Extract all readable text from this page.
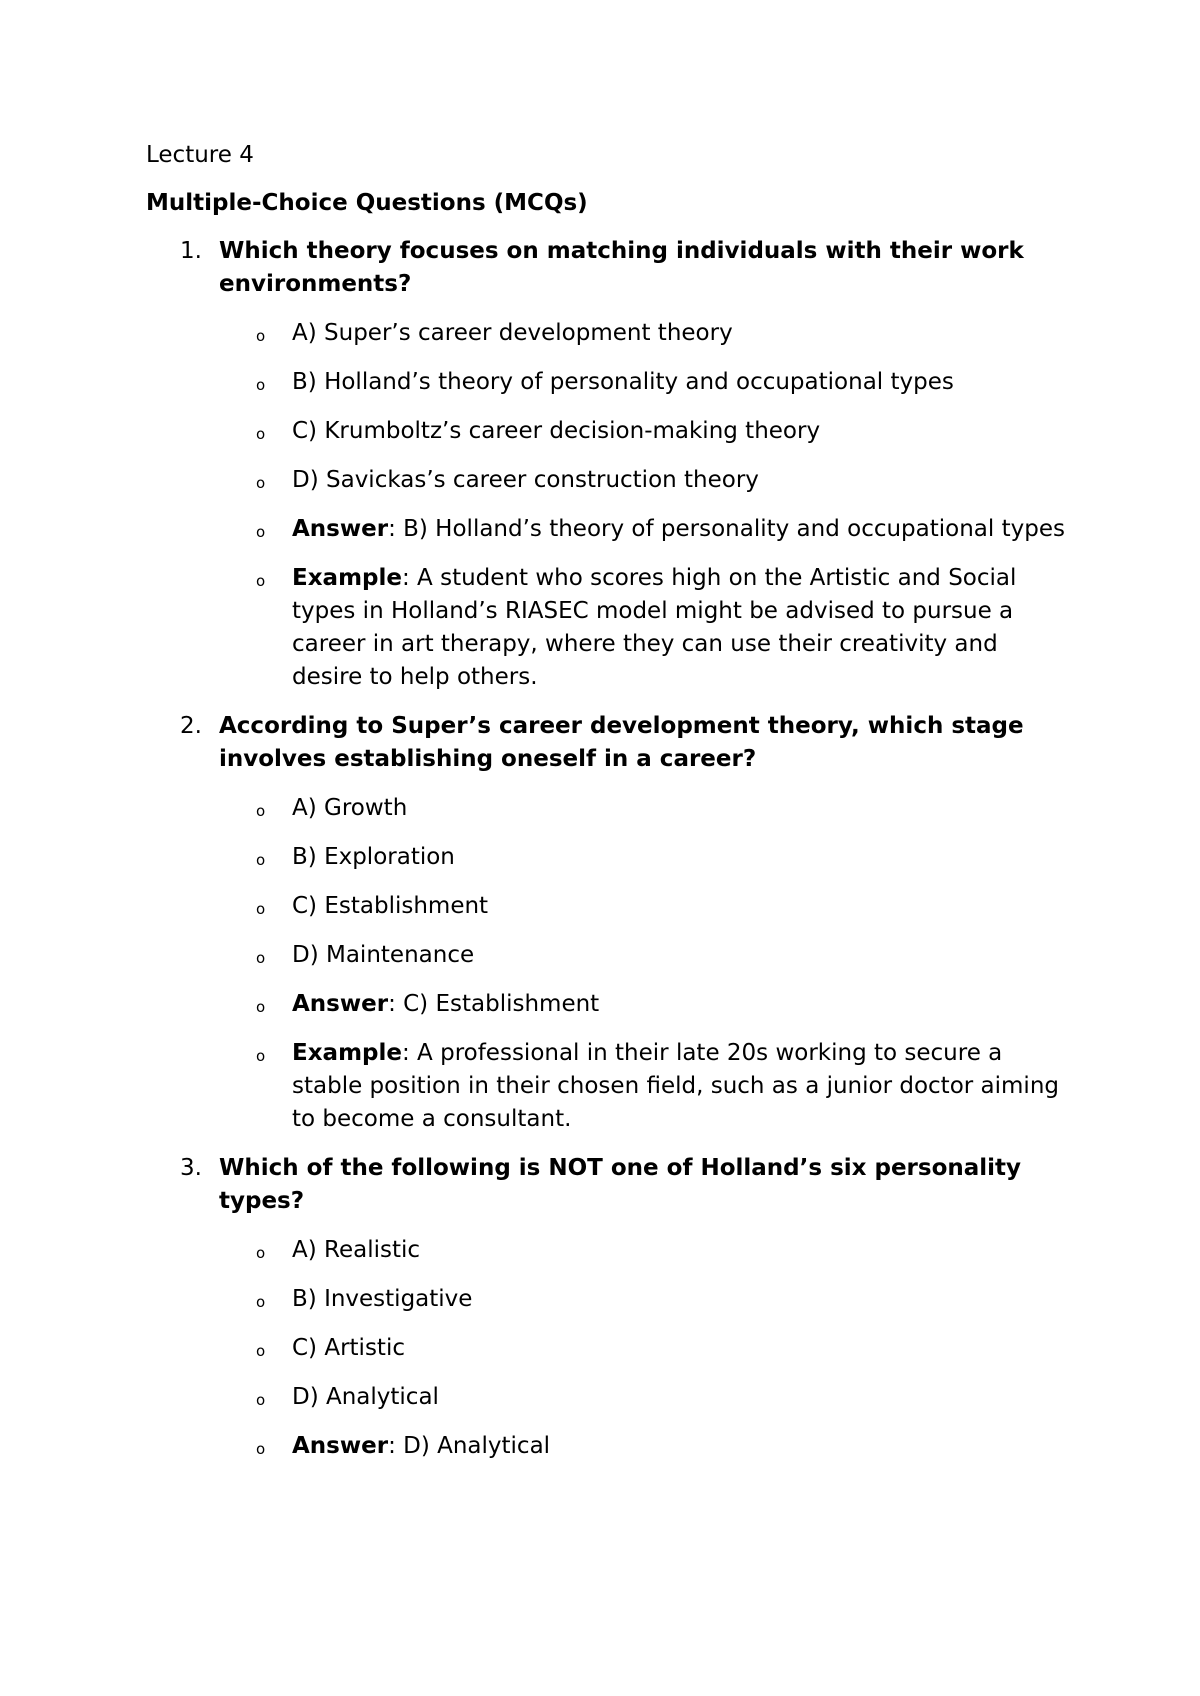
Lecture 4

Multiple-Choice Questions (MCQs)

1. Which theory focuses on matching individuals with their work environments?
o A) Super’s career development theory
o B) Holland’s theory of personality and occupational types
o C) Krumboltz’s career decision-making theory
o D) Savickas’s career construction theory
o Answer: B) Holland’s theory of personality and occupational types
o Example: A student who scores high on the Artistic and Social types in Holland’s RIASEC model might be advised to pursue a career in art therapy, where they can use their creativity and desire to help others.
2. According to Super’s career development theory, which stage involves establishing oneself in a career?
o A) Growth
o B) Exploration
o C) Establishment
o D) Maintenance
o Answer: C) Establishment
o Example: A professional in their late 20s working to secure a stable position in their chosen field, such as a junior doctor aiming to become a consultant.
3. Which of the following is NOT one of Holland’s six personality types?
o A) Realistic
o B) Investigative
o C) Artistic
o D) Analytical
o Answer: D) Analytical
